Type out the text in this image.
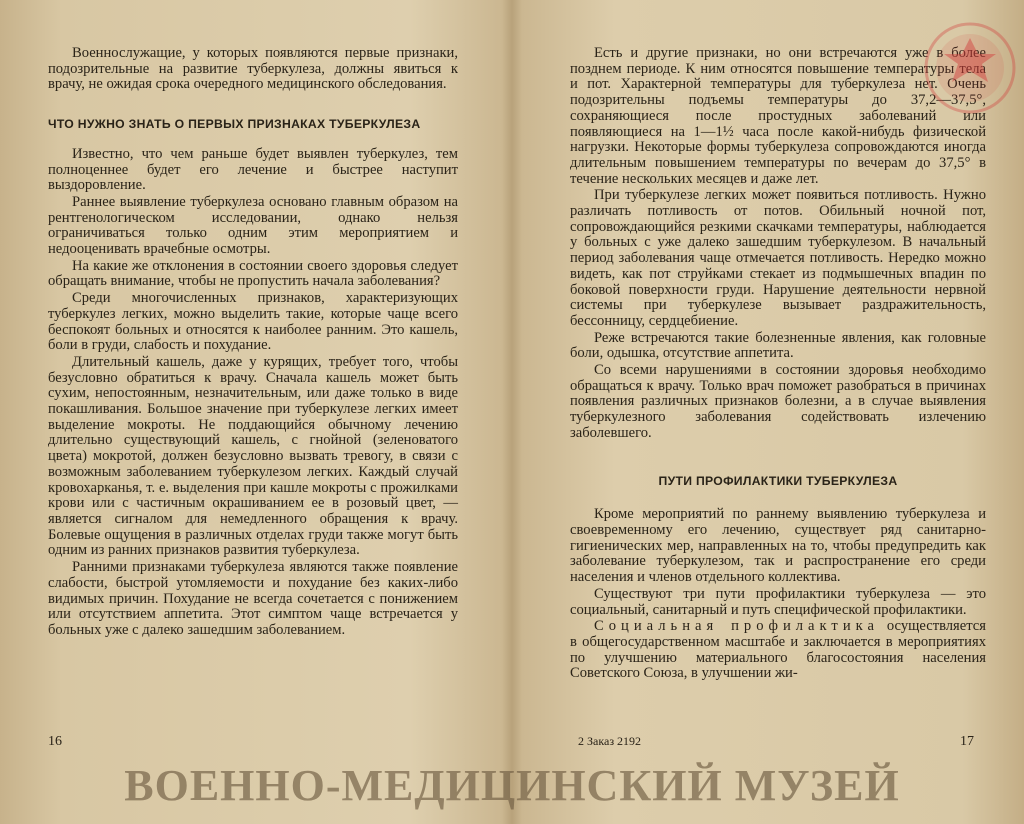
Военнослужащие, у которых появляются первые признаки, подозрительные на развитие туберкулеза, должны явиться к врачу, не ожидая срока очередного медицинского обследования.

ЧТО НУЖНО ЗНАТЬ О ПЕРВЫХ ПРИЗНАКАХ ТУБЕРКУЛЕЗА

Известно, что чем раньше будет выявлен туберкулез, тем полноценнее будет его лечение и быстрее наступит выздоровление.

Раннее выявление туберкулеза основано главным образом на рентгенологическом исследовании, однако нельзя ограничиваться только одним этим мероприятием и недооценивать врачебные осмотры.

На какие же отклонения в состоянии своего здоровья следует обращать внимание, чтобы не пропустить начала заболевания?

Среди многочисленных признаков, характеризующих туберкулез легких, можно выделить такие, которые чаще всего беспокоят больных и относятся к наиболее ранним. Это кашель, боли в груди, слабость и похудание.

Длительный кашель, даже у курящих, требует того, чтобы безусловно обратиться к врачу. Сначала кашель может быть сухим, непостоянным, незначительным, или даже только в виде покашливания. Большое значение при туберкулезе легких имеет выделение мокроты. Не поддающийся обычному лечению длительно существующий кашель, с гнойной (зеленоватого цвета) мокротой, должен безусловно вызвать тревогу, в связи с возможным заболеванием туберкулезом легких. Каждый случай кровохарканья, т. е. выделения при кашле мокроты с прожилками крови или с частичным окрашиванием ее в розовый цвет, — является сигналом для немедленного обращения к врачу. Болевые ощущения в различных отделах груди также могут быть одним из ранних признаков развития туберкулеза.

Ранними признаками туберкулеза являются также появление слабости, быстрой утомляемости и похудание без каких-либо видимых причин. Похудание не всегда сочетается с понижением или отсутствием аппетита. Этот симптом чаще встречается у больных уже с далеко зашедшим заболеванием.

16

Есть и другие признаки, но они встречаются уже в более позднем периоде. К ним относятся повышение температуры тела и пот. Характерной температуры для туберкулеза нет. Очень подозрительны подъемы температуры до 37,2—37,5°, сохраняющиеся после простудных заболеваний или появляющиеся на 1—1½ часа после какой-нибудь физической нагрузки. Некоторые формы туберкулеза сопровождаются иногда длительным повышением температуры по вечерам до 37,5° в течение нескольких месяцев и даже лет.

При туберкулезе легких может появиться потливость. Нужно различать потливость от потов. Обильный ночной пот, сопровождающийся резкими скачками температуры, наблюдается у больных с уже далеко зашедшим туберкулезом. В начальный период заболевания чаще отмечается потливость. Нередко можно видеть, как пот струйками стекает из подмышечных впадин по боковой поверхности груди. Нарушение деятельности нервной системы при туберкулезе вызывает раздражительность, бессонницу, сердцебиение.

Реже встречаются такие болезненные явления, как головные боли, одышка, отсутствие аппетита.

Со всеми нарушениями в состоянии здоровья необходимо обращаться к врачу. Только врач поможет разобраться в причинах появления различных признаков болезни, а в случае выявления туберкулезного заболевания содействовать излечению заболевшего.

ПУТИ ПРОФИЛАКТИКИ ТУБЕРКУЛЕЗА

Кроме мероприятий по раннему выявлению туберкулеза и своевременному его лечению, существует ряд санитарно-гигиенических мер, направленных на то, чтобы предупредить как заболевание туберкулезом, так и распространение его среди населения и членов отдельного коллектива.

Существуют три пути профилактики туберкулеза — это социальный, санитарный и путь специфической профилактики.

Социальная профилактика осуществляется в общегосударственном масштабе и заключается в мероприятиях по улучшению материального благосостояния населения Советского Союза, в улучшении жи-

2 Заказ 2192	17
ВОЕННО-МЕДИЦИНСКИЙ МУЗЕЙ
